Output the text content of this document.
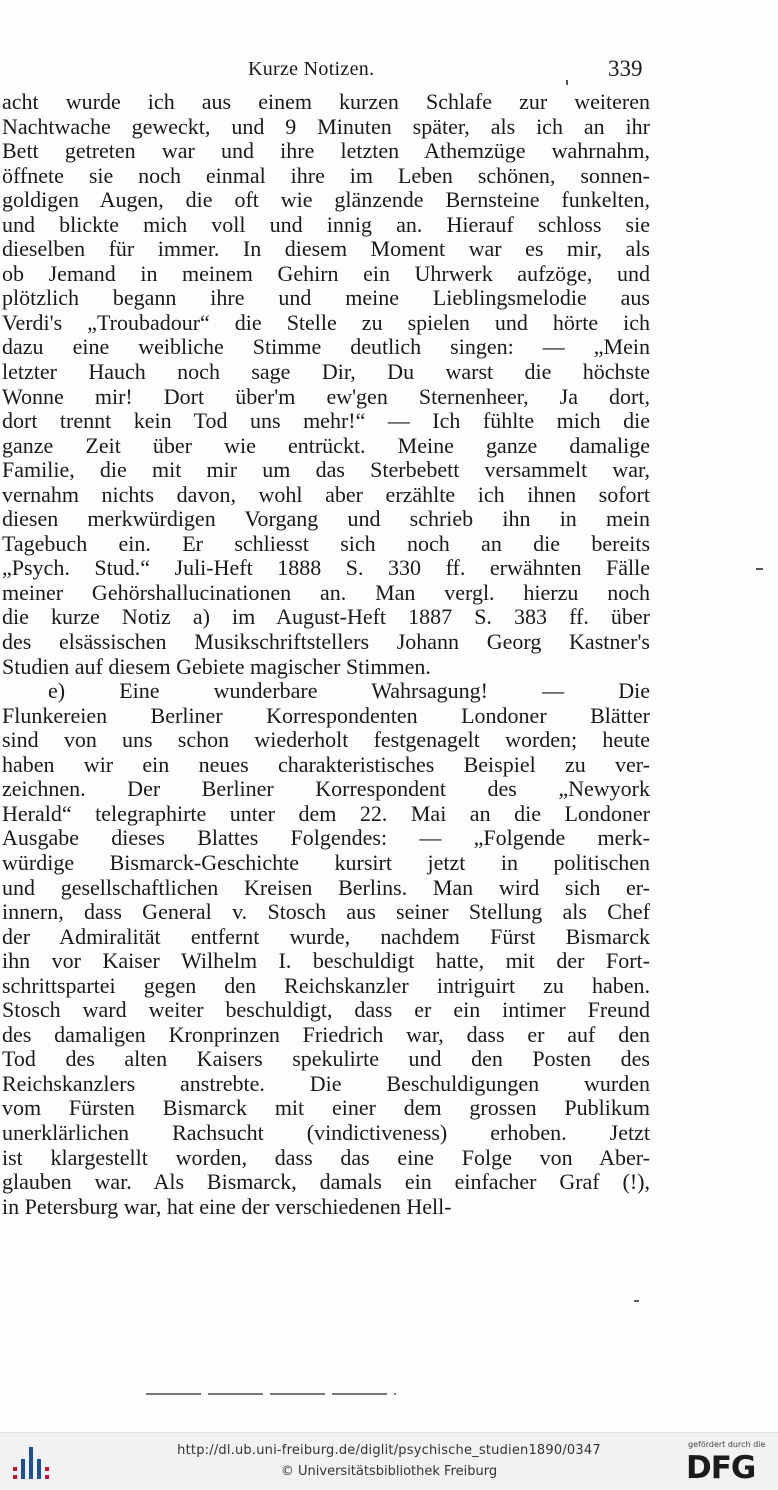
Kurze Notizen.	339
acht wurde ich aus einem kurzen Schlafe zur weiteren
Nachtwache geweckt, und 9 Minuten später, als ich an ihr
Bett getreten war und ihre letzten Athemzüge wahrnahm,
öffnete sie noch einmal ihre im Leben schönen, sonnen-
goldigen Augen, die oft wie glänzende Bernsteine funkelten,
und blickte mich voll und innig an. Hierauf schloss sie
dieselben für immer. In diesem Moment war es mir, als
ob Jemand in meinem Gehirn ein Uhrwerk aufzöge, und
plötzlich begann ihre und meine Lieblingsmelodie aus
Verdi's „Troubadour“ die Stelle zu spielen und hörte ich
dazu eine weibliche Stimme deutlich singen: — „Mein
letzter Hauch noch sage Dir, Du warst die höchste
Wonne mir! Dort über'm ew'gen Sternenheer, Ja dort,
dort trennt kein Tod uns mehr!“ — Ich fühlte mich die
ganze Zeit über wie entrückt. Meine ganze damalige
Familie, die mit mir um das Sterbebett versammelt war,
vernahm nichts davon, wohl aber erzählte ich ihnen sofort
diesen merkwürdigen Vorgang und schrieb ihn in mein
Tagebuch ein. Er schliesst sich noch an die bereits
„Psych. Stud.“ Juli-Heft 1888 S. 330 ff. erwähnten Fälle
meiner Gehörshallucinationen an. Man vergl. hierzu noch
die kurze Notiz a) im August-Heft 1887 S. 383 ff. über
des elsässischen Musikschriftstellers Johann Georg Kastner's
Studien auf diesem Gebiete magischer Stimmen.
e) Eine wunderbare Wahrsagung! — Die
Flunkereien Berliner Korrespondenten Londoner Blätter
sind von uns schon wiederholt festgenagelt worden; heute
haben wir ein neues charakteristisches Beispiel zu ver-
zeichnen. Der Berliner Korrespondent des „Newyork
Herald“ telegraphirte unter dem 22. Mai an die Londoner
Ausgabe dieses Blattes Folgendes: — „Folgende merk-
würdige Bismarck-Geschichte kursirt jetzt in politischen
und gesellschaftlichen Kreisen Berlins. Man wird sich er-
innern, dass General v. Stosch aus seiner Stellung als Chef
der Admiralität entfernt wurde, nachdem Fürst Bismarck
ihn vor Kaiser Wilhelm I. beschuldigt hatte, mit der Fort-
schrittspartei gegen den Reichskanzler intriguirt zu haben.
Stosch ward weiter beschuldigt, dass er ein intimer Freund
des damaligen Kronprinzen Friedrich war, dass er auf den
Tod des alten Kaisers spekulirte und den Posten des
Reichskanzlers anstrebte. Die Beschuldigungen wurden
vom Fürsten Bismarck mit einer dem grossen Publikum
unerklärlichen Rachsucht (vindictiveness) erhoben. Jetzt
ist klargestellt worden, dass das eine Folge von Aber-
glauben war. Als Bismarck, damals ein einfacher Graf (!),
in Petersburg war, hat eine der verschiedenen Hell-
http://dl.ub.uni-freiburg.de/diglit/psychische_studien1890/0347
© Universitätsbibliothek Freiburg
gefördert durch die
DFG
